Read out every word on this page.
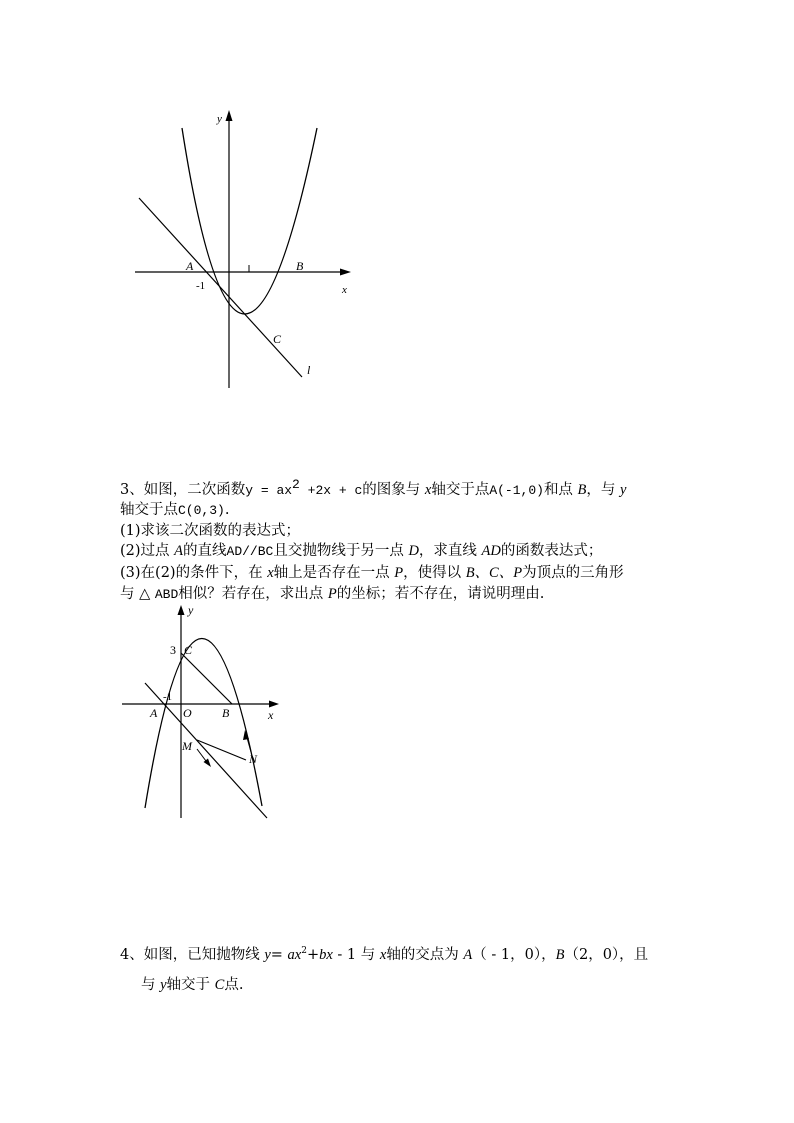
y
x
A	B
C
-1
l
3、如图，二次函数$y = ax^2 +2x + c$的图象与 x轴交于点A(-1,0)和点 B，与 y
轴交于点C(0,3).
(1)求该二次函数的表达式；
(2)过点 A的直线AD//BC且交抛物线于另一点 D，求直线 AD的函数表达式；
(3)在(2)的条件下，在 x轴上是否存在一点 P，使得以 B、C、P为顶点的三角形
与 △ ABD相似？若存在，求出点 P的坐标；若不存在，请说明理由.
y
x
3 C
-1
A O	B
M
N
4、如图，已知抛物线 $y= ax^2+bx - 1$ 与 x轴的交点为 A（ - 1，0），B（2，0），且
与 y轴交于 C点.
